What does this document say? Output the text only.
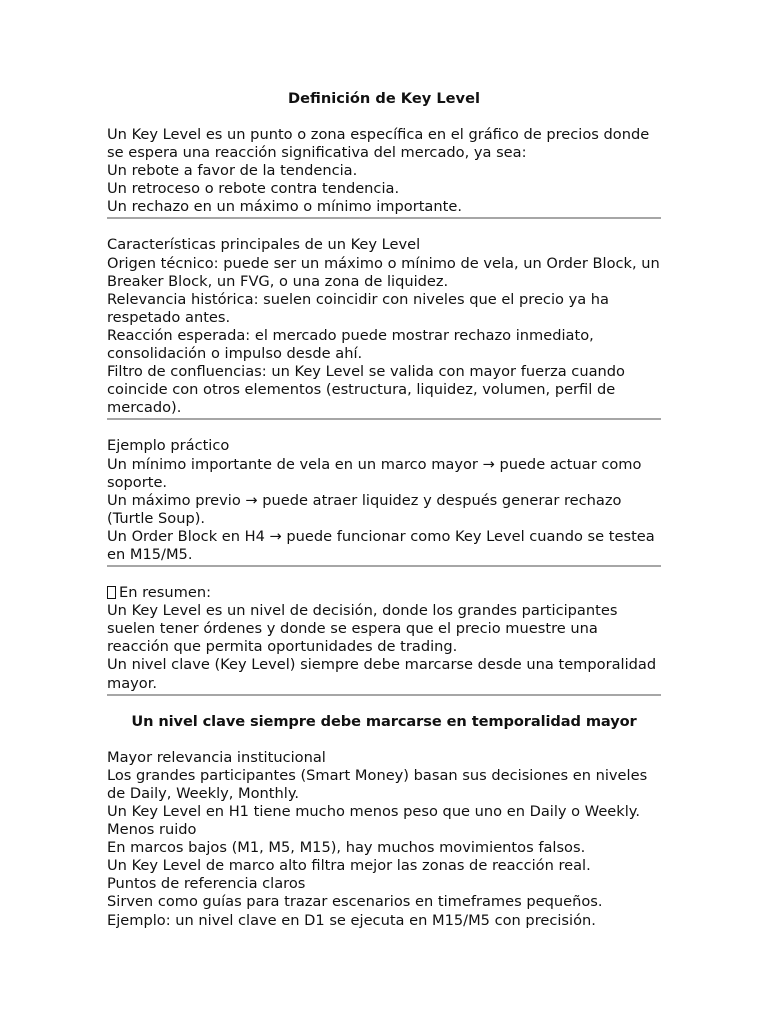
Definición de Key Level
Un Key Level es un punto o zona específica en el gráfico de precios donde se espera una reacción significativa del mercado, ya sea:
Un rebote a favor de la tendencia.
Un retroceso o rebote contra tendencia.
Un rechazo en un máximo o mínimo importante.
Características principales de un Key Level
Origen técnico: puede ser un máximo o mínimo de vela, un Order Block, un Breaker Block, un FVG, o una zona de liquidez.
Relevancia histórica: suelen coincidir con niveles que el precio ya ha respetado antes.
Reacción esperada: el mercado puede mostrar rechazo inmediato, consolidación o impulso desde ahí.
Filtro de confluencias: un Key Level se valida con mayor fuerza cuando coincide con otros elementos (estructura, liquidez, volumen, perfil de mercado).
Ejemplo práctico
Un mínimo importante de vela en un marco mayor → puede actuar como soporte.
Un máximo previo → puede atraer liquidez y después generar rechazo (Turtle Soup).
Un Order Block en H4 → puede funcionar como Key Level cuando se testea en M15/M5.
En resumen:
Un Key Level es un nivel de decisión, donde los grandes participantes suelen tener órdenes y donde se espera que el precio muestre una reacción que permita oportunidades de trading.
Un nivel clave (Key Level) siempre debe marcarse desde una temporalidad mayor.
Un nivel clave siempre debe marcarse en temporalidad mayor
Mayor relevancia institucional
Los grandes participantes (Smart Money) basan sus decisiones en niveles de Daily, Weekly, Monthly.
Un Key Level en H1 tiene mucho menos peso que uno en Daily o Weekly.
Menos ruido
En marcos bajos (M1, M5, M15), hay muchos movimientos falsos.
Un Key Level de marco alto filtra mejor las zonas de reacción real.
Puntos de referencia claros
Sirven como guías para trazar escenarios en timeframes pequeños.
Ejemplo: un nivel clave en D1 se ejecuta en M15/M5 con precisión.
